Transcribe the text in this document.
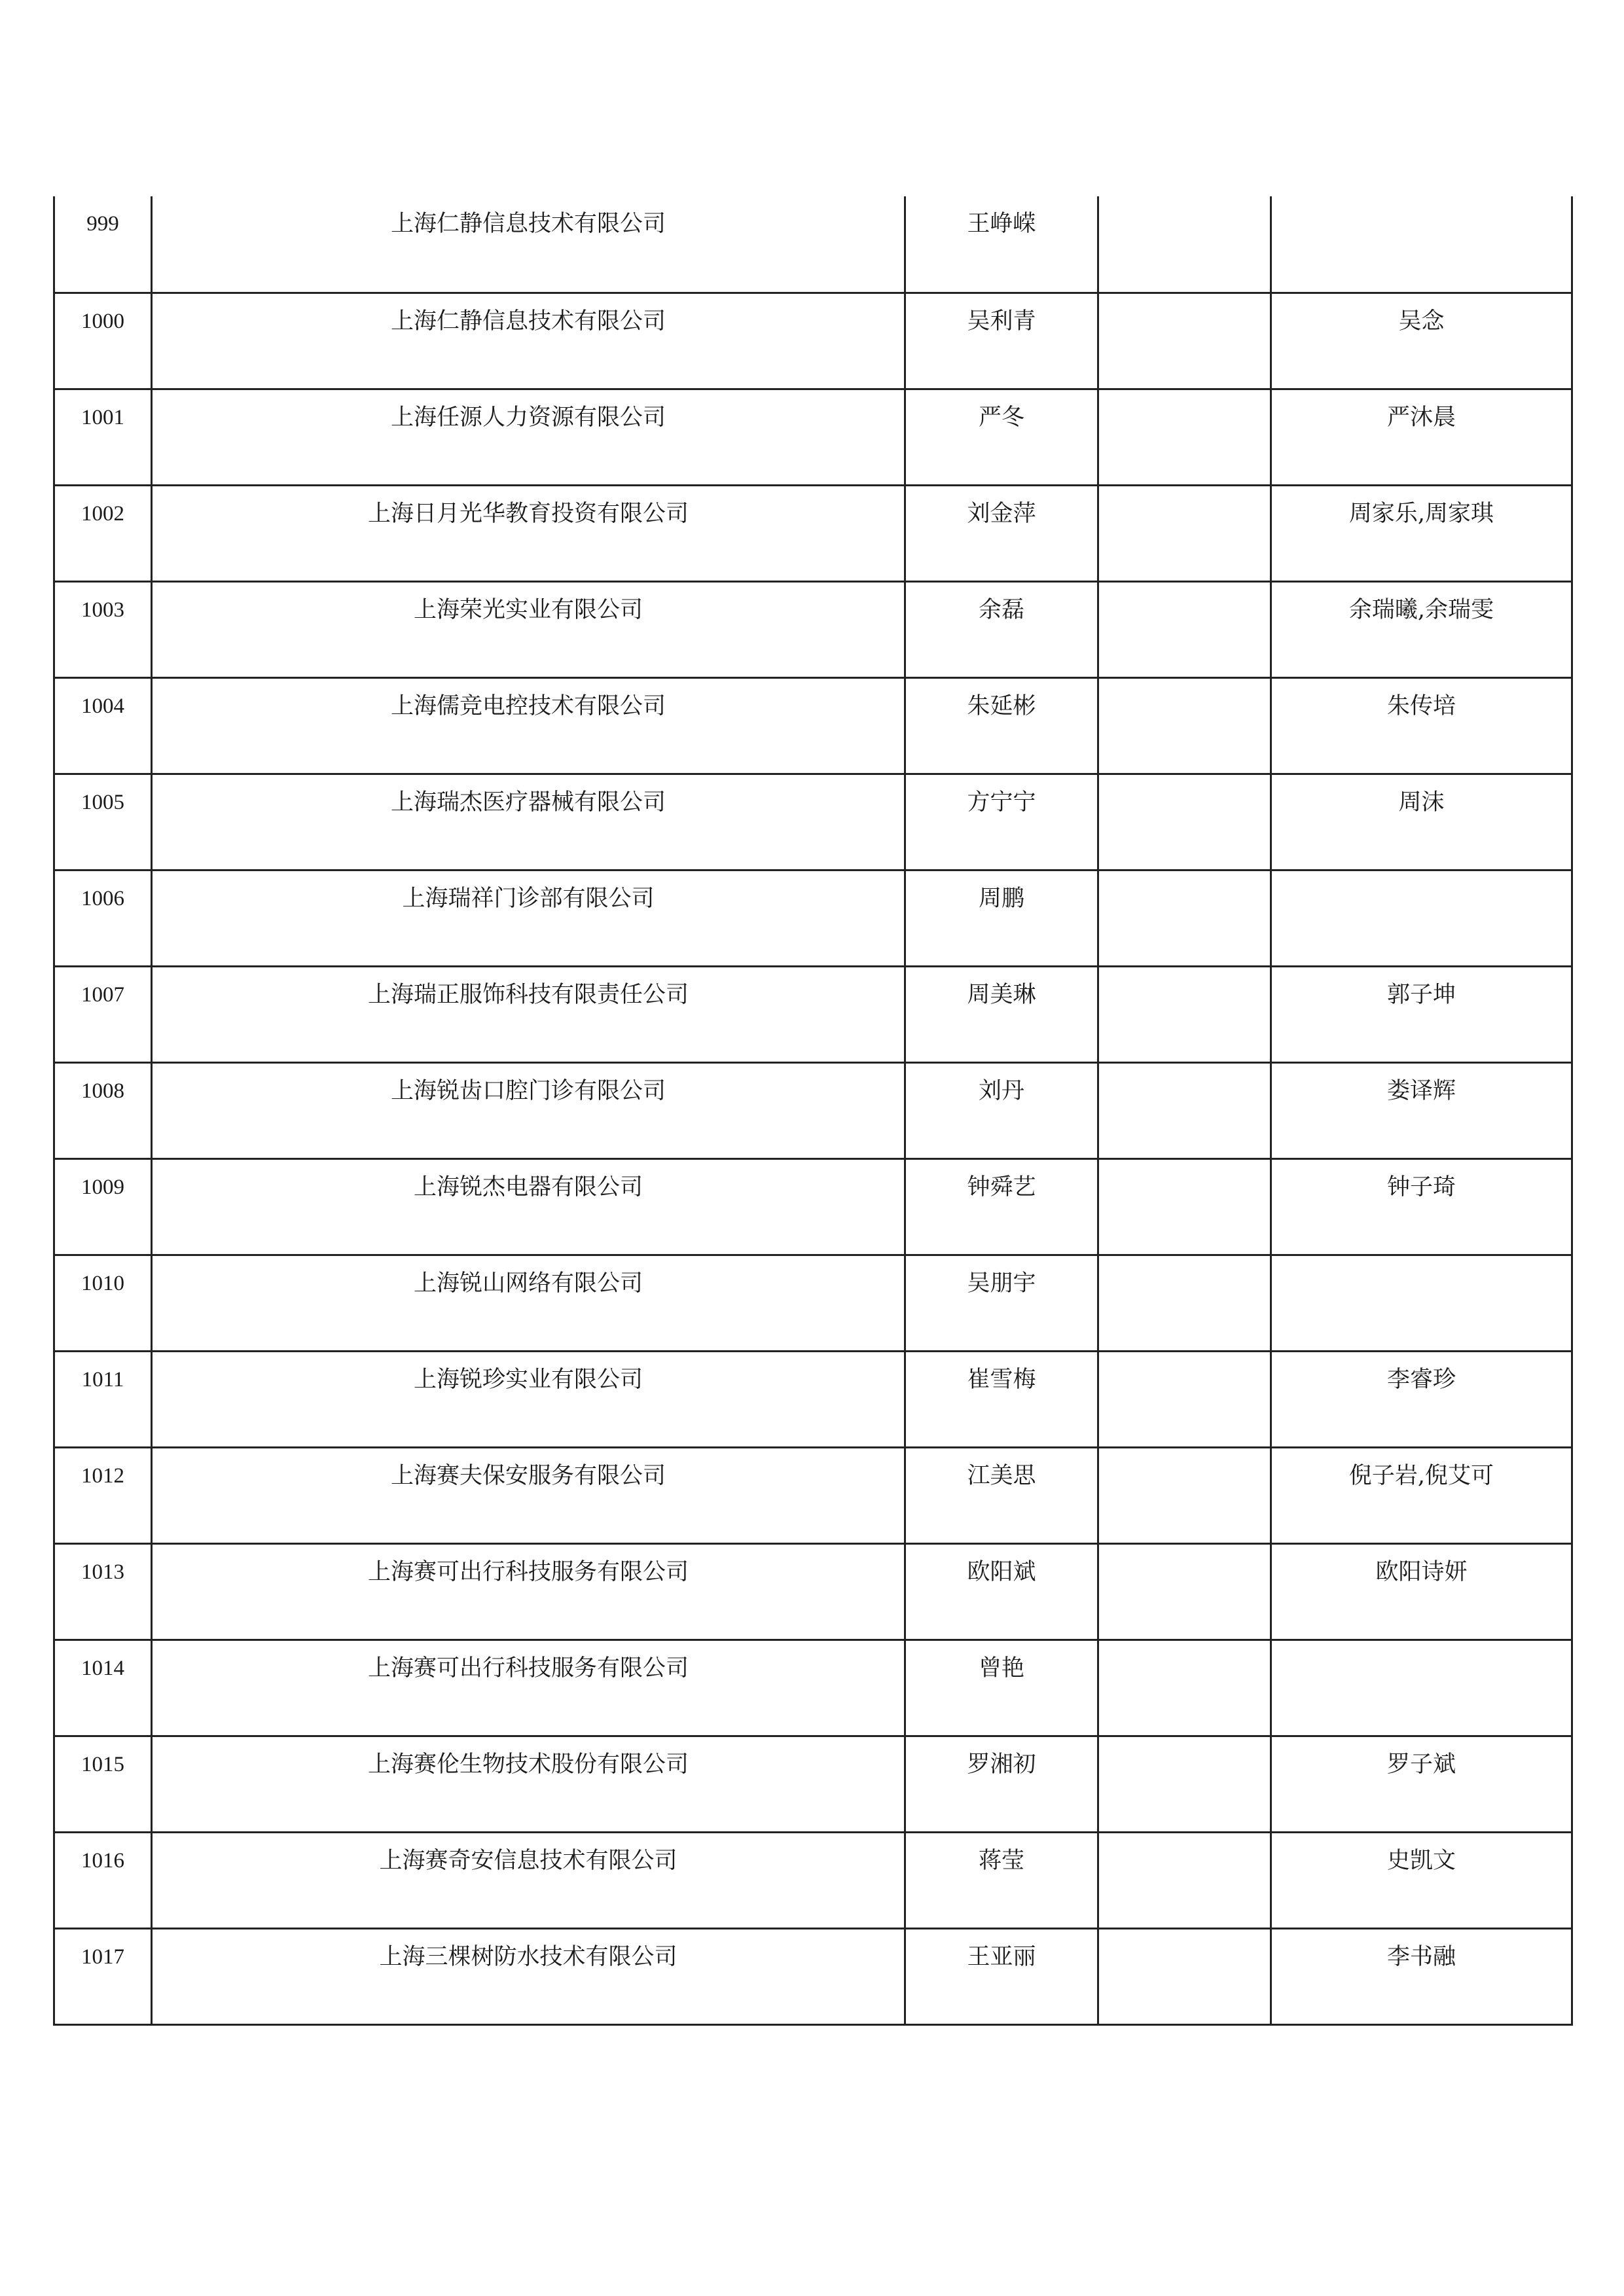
999	上海仁静信息技术有限公司	王峥嵘		
1000	上海仁静信息技术有限公司	吴利青		吴念
1001	上海任源人力资源有限公司	严冬		严沐晨
1002	上海日月光华教育投资有限公司	刘金萍		周家乐,周家琪
1003	上海荣光实业有限公司	余磊		余瑞曦,余瑞雯
1004	上海儒竞电控技术有限公司	朱延彬		朱传培
1005	上海瑞杰医疗器械有限公司	方宁宁		周沫
1006	上海瑞祥门诊部有限公司	周鹏		
1007	上海瑞正服饰科技有限责任公司	周美琳		郭子坤
1008	上海锐齿口腔门诊有限公司	刘丹		娄译辉
1009	上海锐杰电器有限公司	钟舜艺		钟子琦
1010	上海锐山网络有限公司	吴朋宇		
1011	上海锐珍实业有限公司	崔雪梅		李睿珍
1012	上海赛夫保安服务有限公司	江美思		倪子岩,倪艾可
1013	上海赛可出行科技服务有限公司	欧阳斌		欧阳诗妍
1014	上海赛可出行科技服务有限公司	曾艳		
1015	上海赛伦生物技术股份有限公司	罗湘初		罗子斌
1016	上海赛奇安信息技术有限公司	蒋莹		史凯文
1017	上海三棵树防水技术有限公司	王亚丽		李书融
